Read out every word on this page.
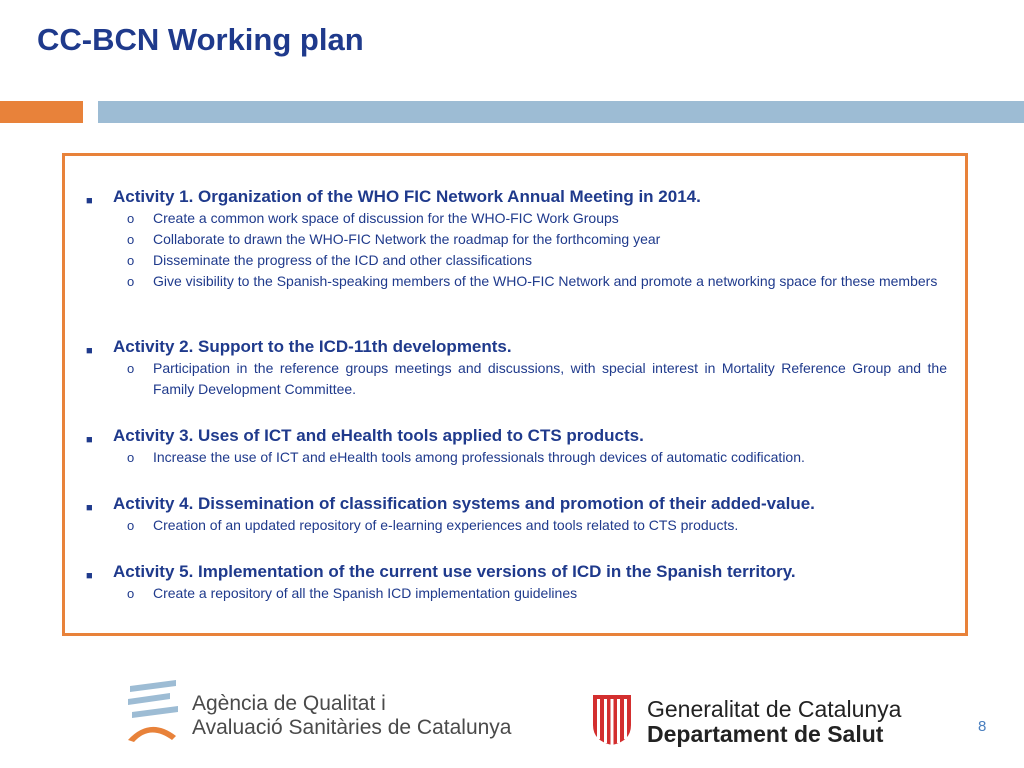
CC-BCN Working plan
■ Activity 1. Organization of the WHO FIC Network Annual Meeting in 2014.
o Create a common work space of discussion for the WHO-FIC Work Groups
o Collaborate to drawn the WHO-FIC Network the roadmap for the forthcoming year
o Disseminate the progress of the ICD and other classifications
o Give visibility to the Spanish-speaking members of the WHO-FIC Network and promote a networking space for these members
■ Activity 2. Support to the ICD-11th developments.
o Participation in the reference groups meetings and discussions, with special interest in Mortality Reference Group and the Family Development Committee.
■ Activity 3. Uses of ICT and eHealth tools applied to CTS products.
o Increase the use of ICT and eHealth tools among professionals through devices of automatic codification.
■ Activity 4. Dissemination of classification systems and promotion of their added-value.
o Creation of an updated repository of e-learning experiences and tools related to CTS products.
■ Activity 5. Implementation of the current use versions of ICD in the Spanish territory.
o Create a repository of all the Spanish ICD implementation guidelines
Agència de Qualitat i
Avaluació Sanitàries de Catalunya
Generalitat de Catalunya
Departament de Salut	8
